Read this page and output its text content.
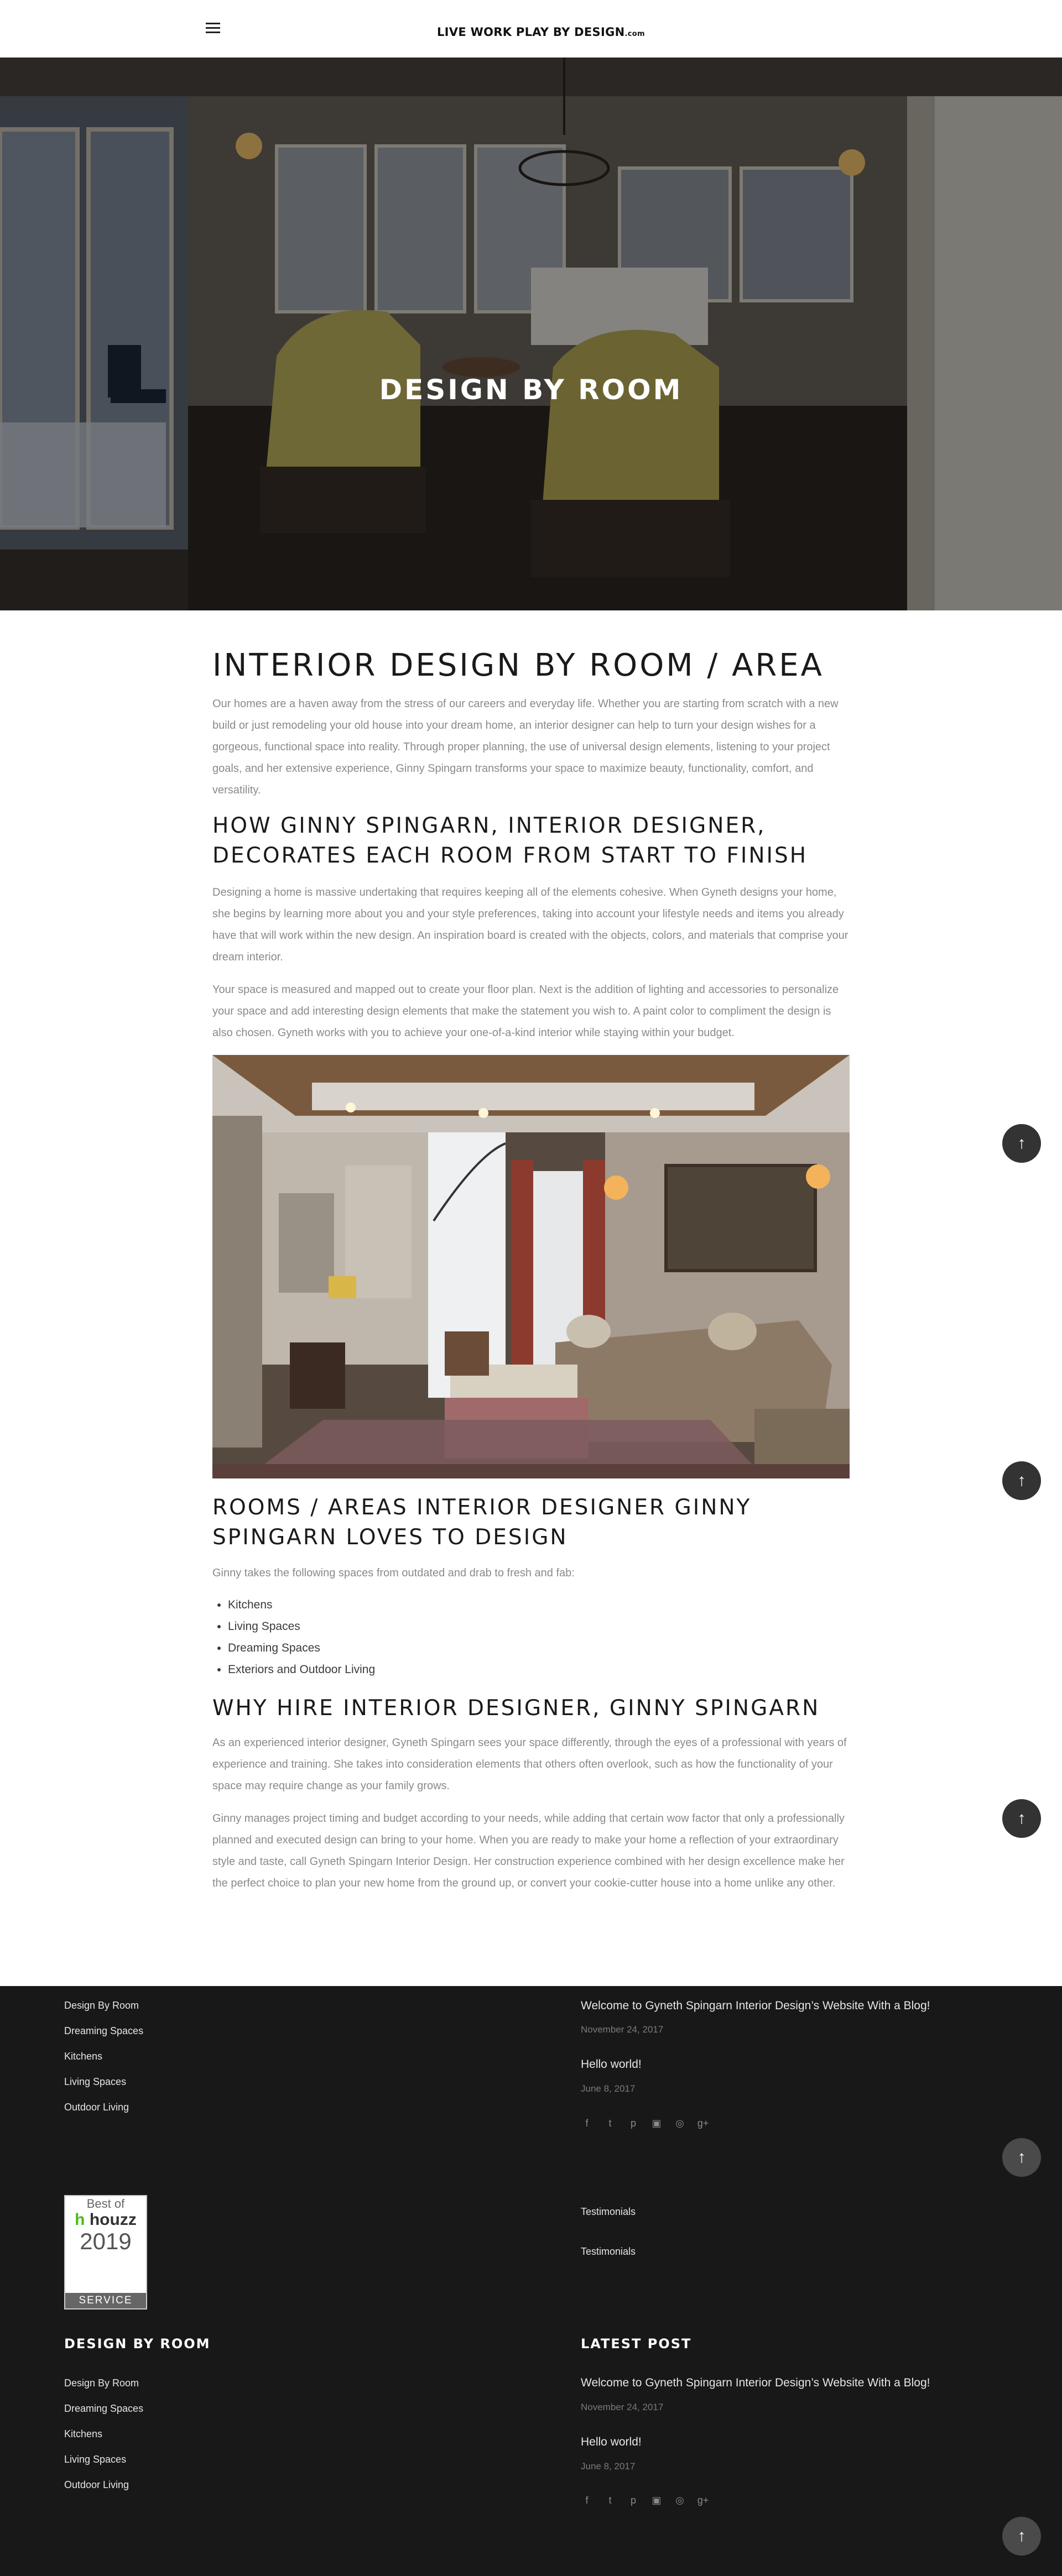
LIVE WORK PLAY BY DESIGN.com
DESIGN BY ROOM
INTERIOR DESIGN BY ROOM / AREA

Our homes are a haven away from the stress of our careers and everyday life. Whether you are starting from scratch with a new build or just remodeling your old house into your dream home, an interior designer can help to turn your design wishes for a gorgeous, functional space into reality. Through proper planning, the use of universal design elements, listening to your project goals, and her extensive experience, Ginny Spingarn transforms your space to maximize beauty, functionality, comfort, and versatility.

HOW GINNY SPINGARN, INTERIOR DESIGNER, DECORATES EACH ROOM FROM START TO FINISH

Designing a home is massive undertaking that requires keeping all of the elements cohesive. When Gyneth designs your home, she begins by learning more about you and your style preferences, taking into account your lifestyle needs and items you already have that will work within the new design. An inspiration board is created with the objects, colors, and materials that comprise your dream interior.

Your space is measured and mapped out to create your floor plan. Next is the addition of lighting and accessories to personalize your space and add interesting design elements that make the statement you wish to. A paint color to compliment the design is also chosen. Gyneth works with you to achieve your one-of-a-kind interior while staying within your budget.

ROOMS / AREAS INTERIOR DESIGNER GINNY SPINGARN LOVES TO DESIGN

Ginny takes the following spaces from outdated and drab to fresh and fab:

• Kitchens
• Living Spaces
• Dreaming Spaces
• Exteriors and Outdoor Living
WHY HIRE INTERIOR DESIGNER, GINNY SPINGARN

As an experienced interior designer, Gyneth Spingarn sees your space differently, through the eyes of a professional with years of experience and training. She takes into consideration elements that others often overlook, such as how the functionality of your space may require change as your family grows.

Ginny manages project timing and budget according to your needs, while adding that certain wow factor that only a professionally planned and executed design can bring to your home. When you are ready to make your home a reflection of your extraordinary style and taste, call Gyneth Spingarn Interior Design. Her construction experience combined with her design excellence make her the perfect choice to plan your new home from the ground up, or convert your cookie-cutter house into a home unlike any other.

↑
↑
↑
Design By Room
Dreaming Spaces
Kitchens
Living Spaces
Outdoor Living
Welcome to Gyneth Spingarn Interior Design’s Website With a Blog!
November 24, 2017
Hello world!
June 8, 2017
f	t	p	▣ ◎ g+
↑
Best of
h houzz
2019
SERVICE
Testimonials
Testimonials
DESIGN BY ROOM	LATEST POST
Design By Room
Dreaming Spaces
Kitchens
Living Spaces
Outdoor Living
Welcome to Gyneth Spingarn Interior Design’s Website With a Blog!
November 24, 2017
Hello world!
June 8, 2017
f	t	p	▣ ◎ g+
↑
